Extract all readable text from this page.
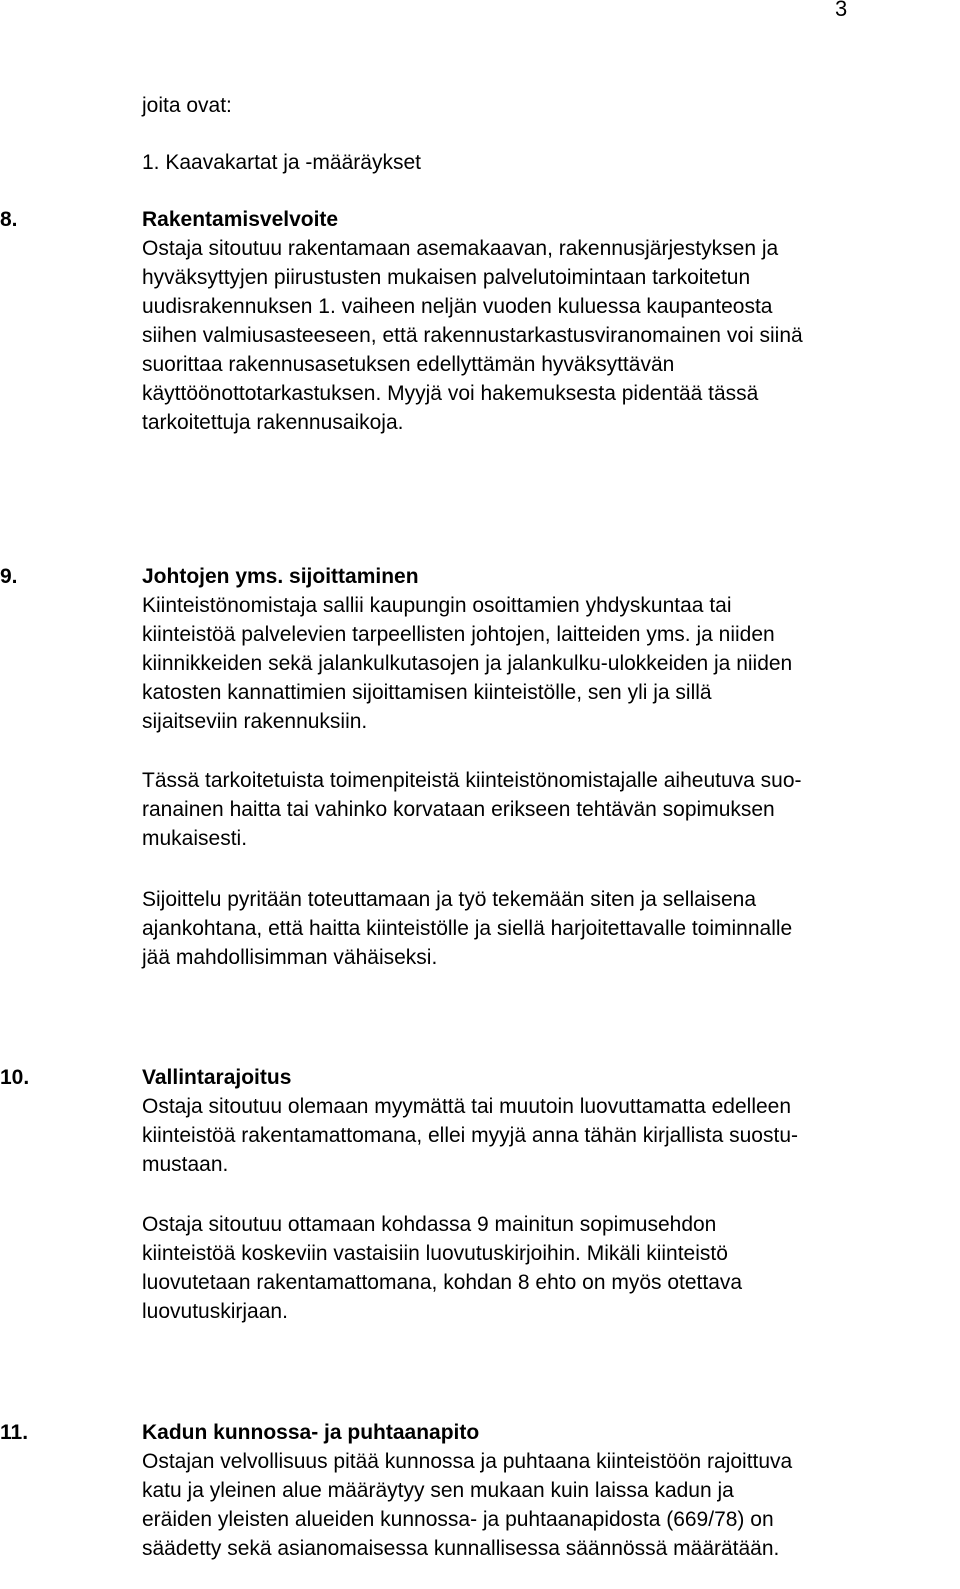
3
joita ovat:
1. Kaavakartat ja -määräykset
8.	Rakentamisvelvoite
Ostaja sitoutuu rakentamaan asemakaavan, rakennusjärjestyksen ja
hyväksyttyjen piirustusten mukaisen palvelutoimintaan tarkoitetun
uudisrakennuksen 1. vaiheen neljän vuoden kuluessa kaupanteosta
siihen valmiusasteeseen, että rakennustarkastusviranomainen voi siinä
suorittaa rakennusasetuksen edellyttämän hyväksyttävän
käyttöönottotarkastuksen. Myyjä voi hakemuksesta pidentää tässä
tarkoitettuja rakennusaikoja.
9.	Johtojen yms. sijoittaminen
Kiinteistönomistaja sallii kaupungin osoittamien yhdyskuntaa tai
kiinteistöä palvelevien tarpeellisten johtojen, laitteiden yms. ja niiden
kiinnikkeiden sekä jalankulkutasojen ja jalankulku-ulokkeiden ja niiden
katosten kannattimien sijoittamisen kiinteistölle, sen yli ja sillä
sijaitseviin rakennuksiin.
Tässä tarkoitetuista toimenpiteistä kiinteistönomistajalle aiheutuva suo-
ranainen haitta tai vahinko korvataan erikseen tehtävän sopimuksen
mukaisesti.
Sijoittelu pyritään toteuttamaan ja työ tekemään siten ja sellaisena
ajankohtana, että haitta kiinteistölle ja siellä harjoitettavalle toiminnalle
jää mahdollisimman vähäiseksi.
10.	Vallintarajoitus
Ostaja sitoutuu olemaan myymättä tai muutoin luovuttamatta edelleen
kiinteistöä rakentamattomana, ellei myyjä anna tähän kirjallista suostu-
mustaan.
Ostaja sitoutuu ottamaan kohdassa 9 mainitun sopimusehdon
kiinteistöä koskeviin vastaisiin luovutuskirjoihin. Mikäli kiinteistö
luovutetaan rakentamattomana, kohdan 8 ehto on myös otettava
luovutuskirjaan.
11.	Kadun kunnossa- ja puhtaanapito
Ostajan velvollisuus pitää kunnossa ja puhtaana kiinteistöön rajoittuva
katu ja yleinen alue määräytyy sen mukaan kuin laissa kadun ja
eräiden yleisten alueiden kunnossa- ja puhtaanapidosta (669/78) on
säädetty sekä asianomaisessa kunnallisessa säännössä määrätään.
